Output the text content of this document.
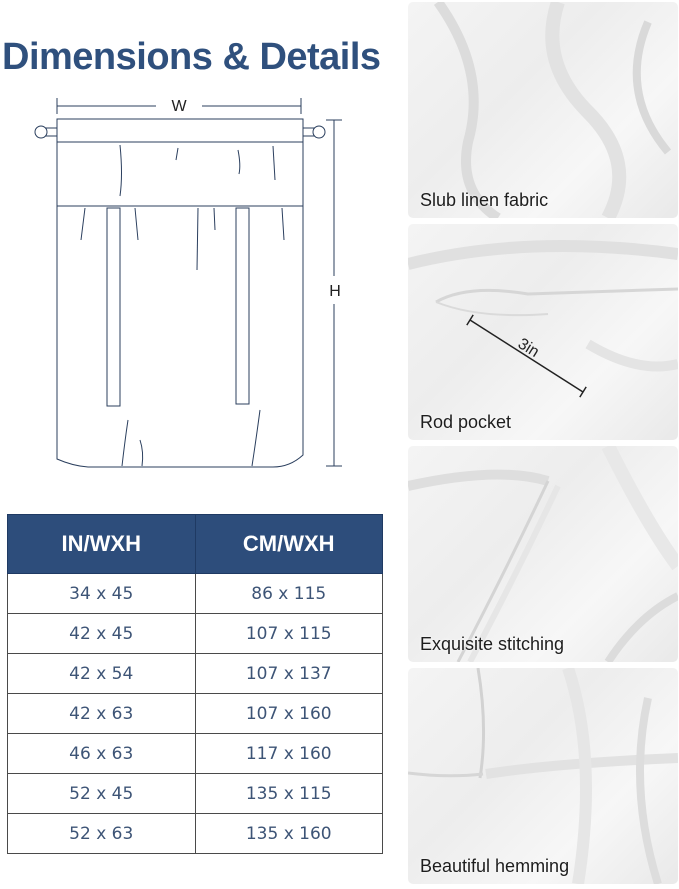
Dimensions & Details
W
H
IN/WXH	CM/WXH
34 x 45	86 x 115
42 x 45	107 x 115
42 x 54	107 x 137
42 x 63	107 x 160
46 x 63	117 x 160
52 x 45	135 x 115
52 x 63	135 x 160
Slub linen fabric
3in
Rod pocket
Exquisite stitching
Beautiful hemming
